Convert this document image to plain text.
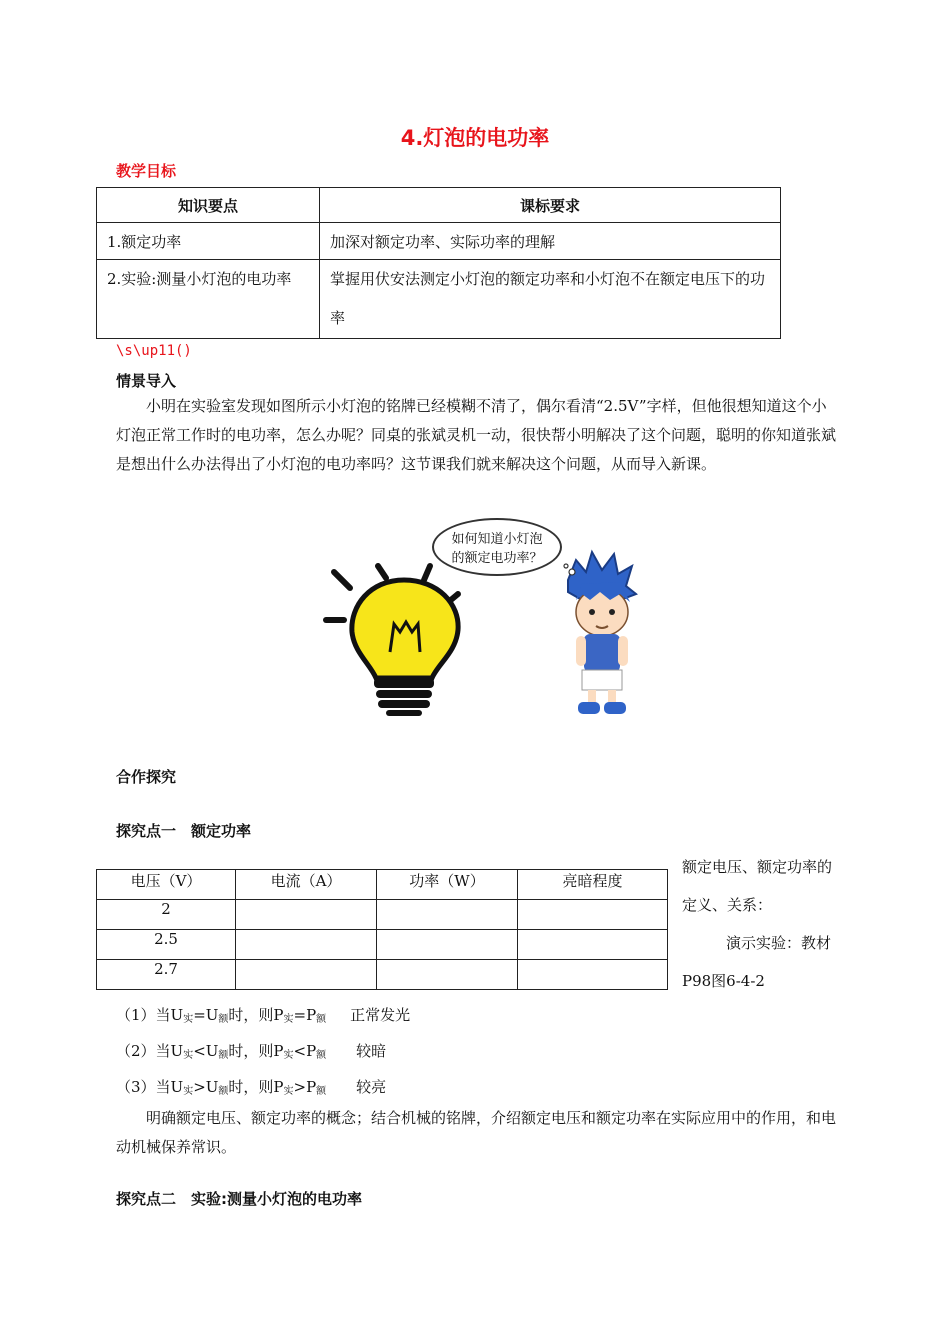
4.灯泡的电功率
教学目标
知识要点	课标要求
1.额定功率	加深对额定功率、实际功率的理解
2.实验:测量小灯泡的电功率	掌握用伏安法测定小灯泡的额定功率和小灯泡不在额定电压下的功率
\s\up11()
情景导入
小明在实验室发现如图所示小灯泡的铭牌已经模糊不清了，偶尔看清“2.5V”字样，但他很想知道这个小灯泡正常工作时的电功率，怎么办呢？同桌的张斌灵机一动，很快帮小明解决了这个问题，聪明的你知道张斌是想出什么办法得出了小灯泡的电功率吗？这节课我们就来解决这个问题，从而导入新课。
如何知道小灯泡
的额定电功率？
合作探究
探究点一　额定功率
电压（V）	电流（A）	功率（W）	亮暗程度
2			
2.5			
2.7			
额定电压、额定功率的定义、关系：
演示实验：教材P98图6-4-2
（1）当$U_实=U_额$时，则$P_实=P_额$ 正常发光
（2）当$U_实<U_额$时，则$P_实<P_额$ 较暗
（3）当$U_实>U_额$时，则$P_实>P_额$ 较亮
明确额定电压、额定功率的概念；结合机械的铭牌，介绍额定电压和额定功率在实际应用中的作用，和电动机械保养常识。
探究点二　实验:测量小灯泡的电功率
